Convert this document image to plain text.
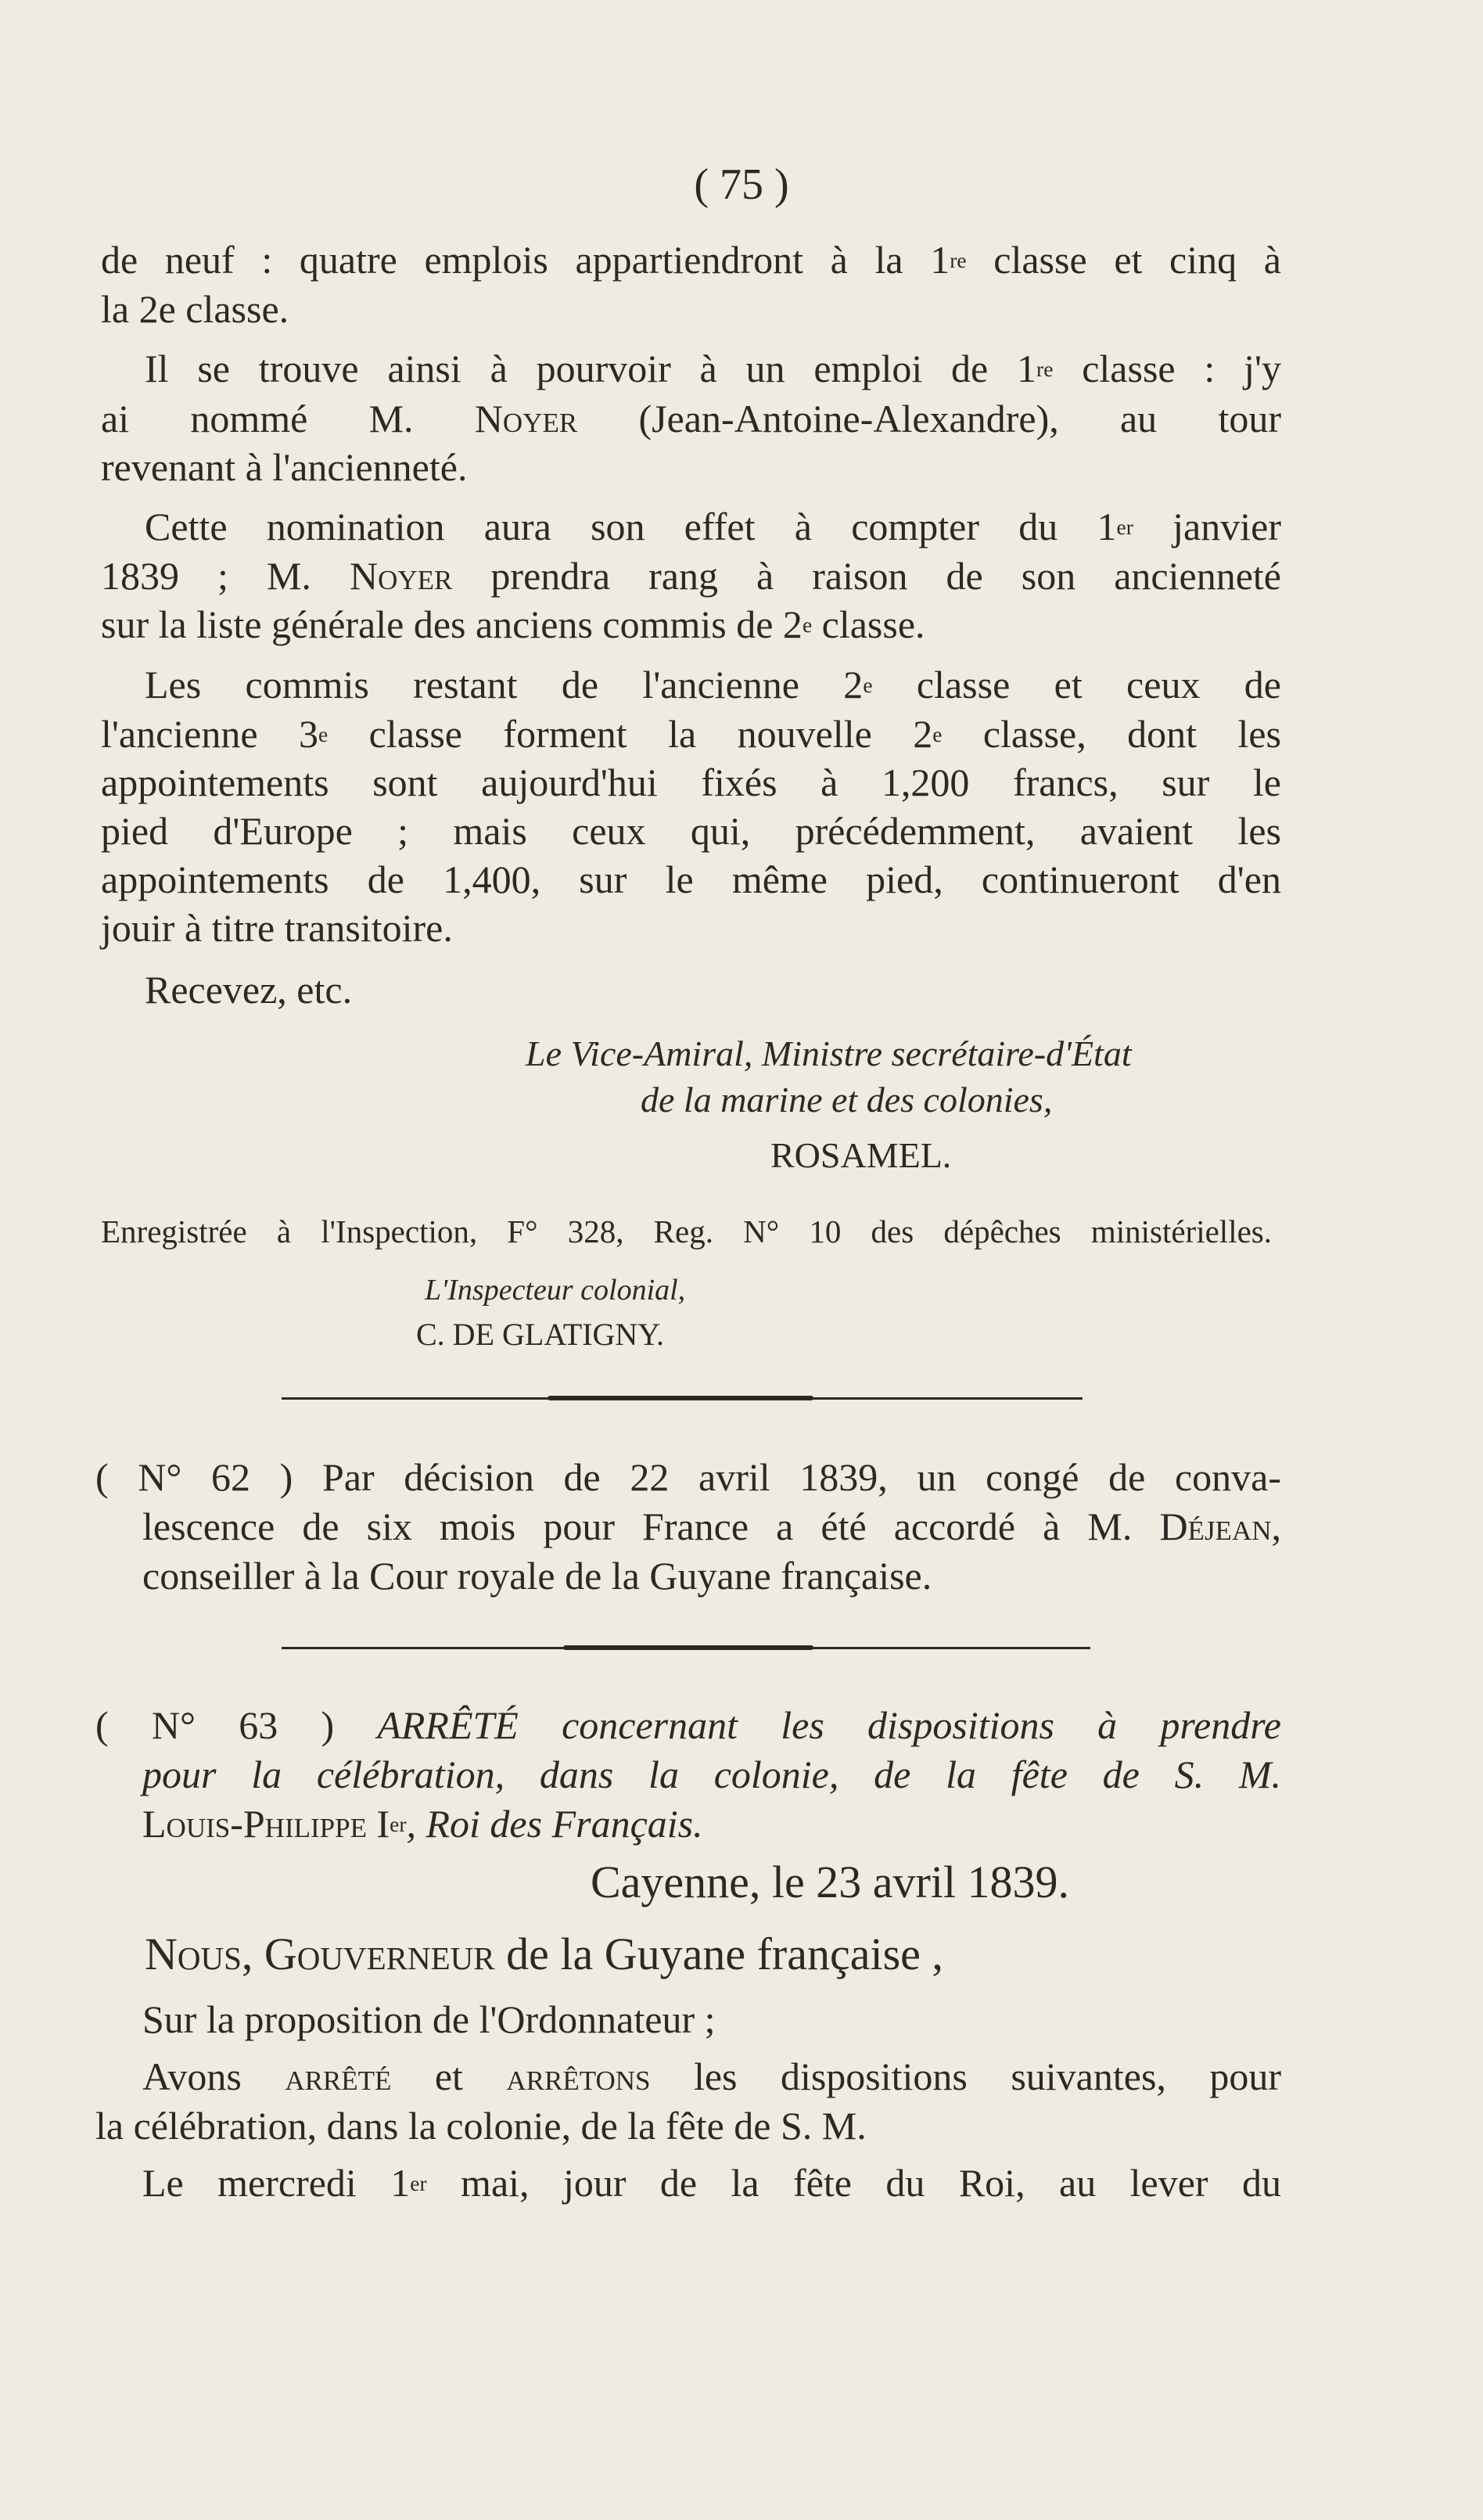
( 75 )

de neuf : quatre emplois appartiendront à la 1re classe et cinq à

la 2e classe.

Il se trouve ainsi à pourvoir à un emploi de 1re classe : j'y

ai nommé M. Noyer (Jean-Antoine-Alexandre), au tour

revenant à l'ancienneté.

Cette nomination aura son effet à compter du 1er janvier

1839 ; M. Noyer prendra rang à raison de son ancienneté

sur la liste générale des anciens commis de 2e classe.

Les commis restant de l'ancienne 2e classe et ceux de

l'ancienne 3e classe forment la nouvelle 2e classe, dont les

appointements sont aujourd'hui fixés à 1,200 francs, sur le

pied d'Europe ; mais ceux qui, précédemment, avaient les

appointements de 1,400, sur le même pied, continueront d'en

jouir à titre transitoire.

Recevez, etc.

Le Vice-Amiral, Ministre secrétaire-d'État

de la marine et des colonies,

ROSAMEL.

Enregistrée à l'Inspection, F° 328, Reg. N° 10 des dépêches ministérielles.

L'Inspecteur colonial,

C. DE GLATIGNY.

( N° 62 ) Par décision de 22 avril 1839, un congé de conva-

lescence de six mois pour France a été accordé à M. Déjean,

conseiller à la Cour royale de la Guyane française.

( N° 63 ) ARRÊTÉ concernant les dispositions à prendre

pour la célébration, dans la colonie, de la fête de S. M.

Louis-Philippe Ier, Roi des Français.

Cayenne, le 23 avril 1839.

Nous, Gouverneur de la Guyane française ,

Sur la proposition de l'Ordonnateur ;

Avons arrêté et arrêtons les dispositions suivantes, pour

la célébration, dans la colonie, de la fête de S. M.

Le mercredi 1er mai, jour de la fête du Roi, au lever du
